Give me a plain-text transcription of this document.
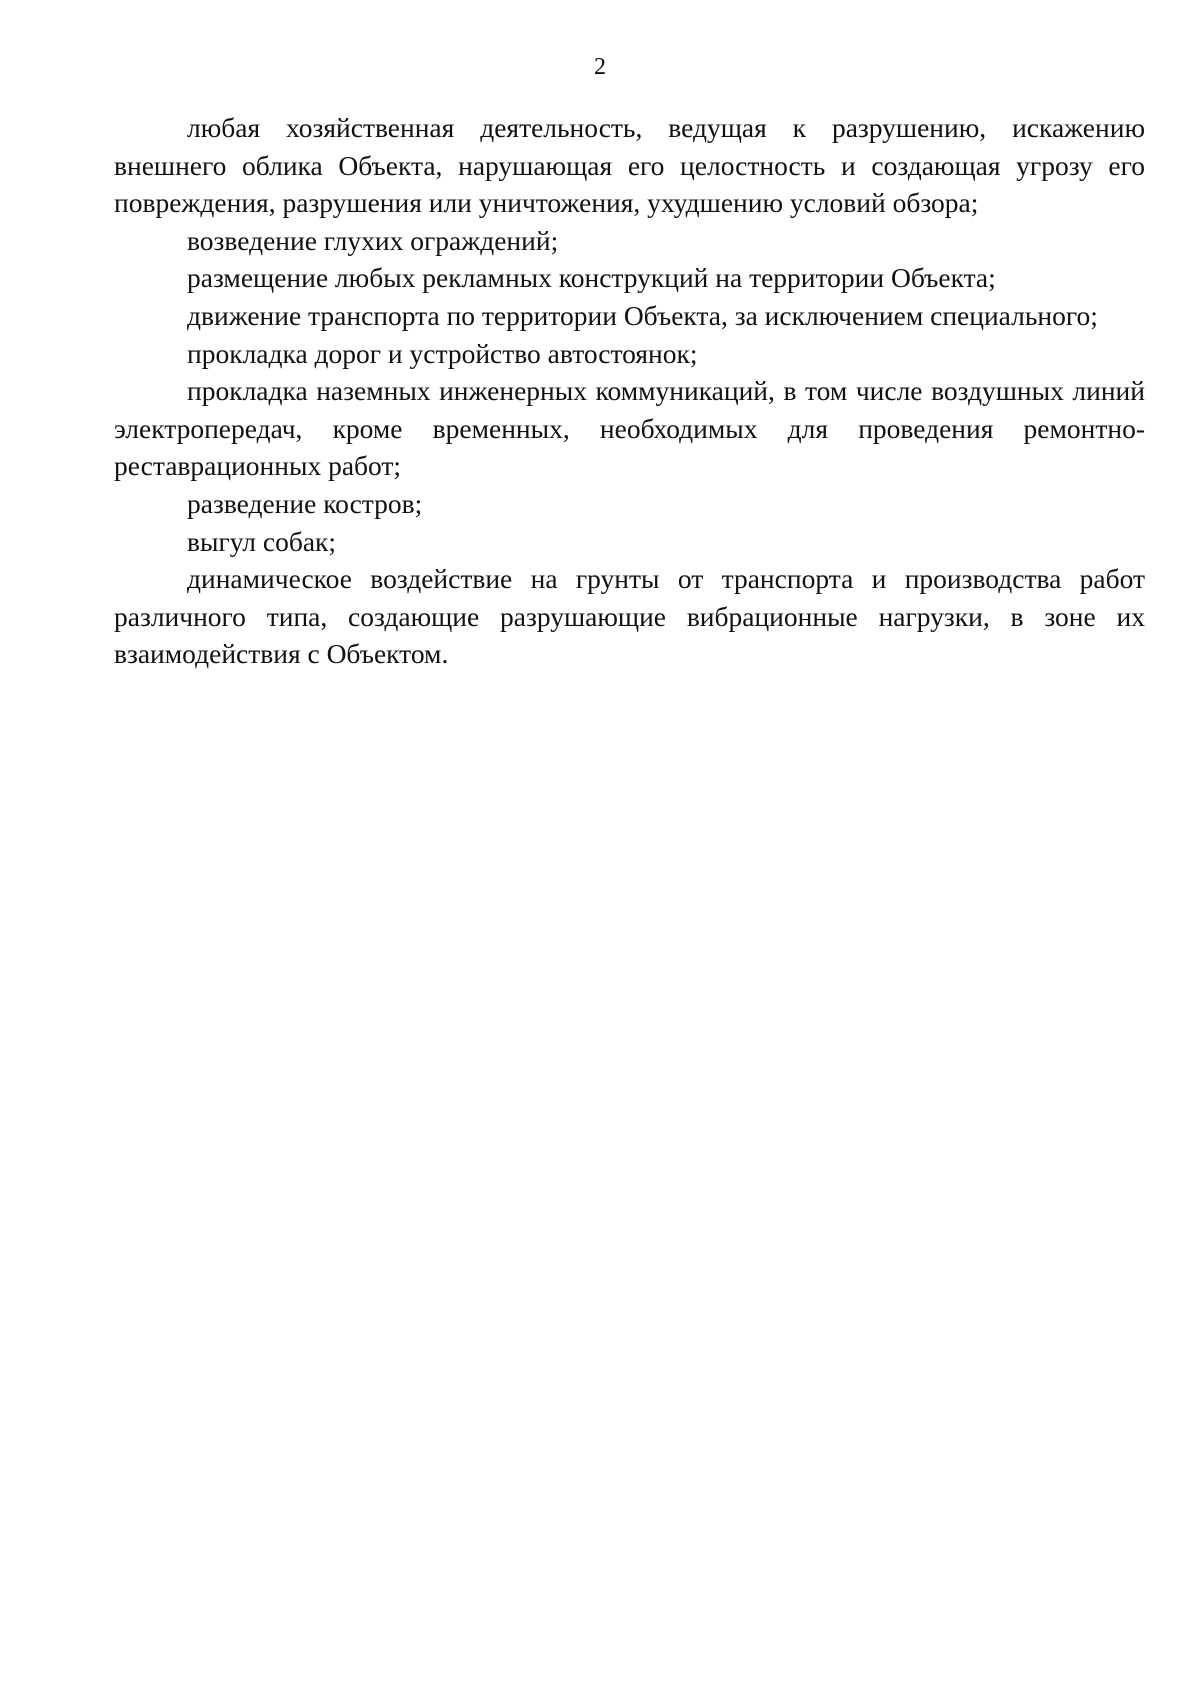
2

любая хозяйственная деятельность, ведущая к разрушению, искажению внешнего облика Объекта, нарушающая его целостность и создающая угрозу его повреждения, разрушения или уничтожения, ухудшению условий обзора;

возведение глухих ограждений;

размещение любых рекламных конструкций на территории Объекта;

движение транспорта по территории Объекта, за исключением специального;

прокладка дорог и устройство автостоянок;

прокладка наземных инженерных коммуникаций, в том числе воздушных линий электропередач, кроме временных, необходимых для проведения ремонтно-реставрационных работ;

разведение костров;

выгул собак;

динамическое воздействие на грунты от транспорта и производства работ различного типа, создающие разрушающие вибрационные нагрузки, в зоне их взаимодействия с Объектом.
